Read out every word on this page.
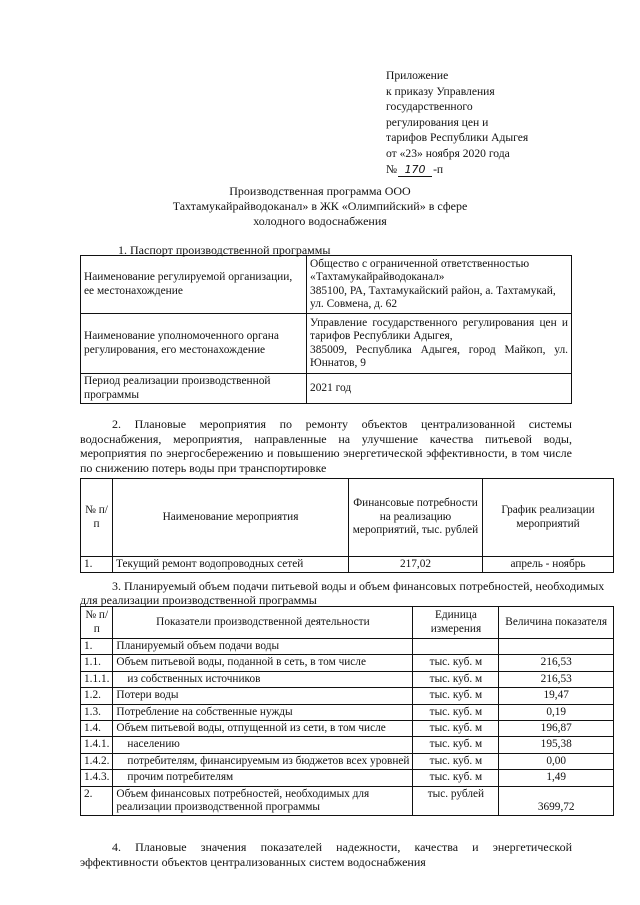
Приложение
к приказу Управления
государственного
регулирования цен и
тарифов Республики Адыгея
от «23» ноября 2020 года
№ 170 -п
Производственная программа ООО
Тахтамукайрайводоканал» в ЖК «Олимпийский» в сфере
холодного водоснабжения
1. Паспорт производственной программы
Наименование регулируемой организации, ее местонахождение	Общество с ограниченной ответственностью «Тахтамукайрайводоканал»
385100, РА, Тахтамукайский район, а. Тахтамукай, ул. Совмена, д. 62

Наименование уполномоченного органа регулирования, его местонахождение	Управление государственного регулирования цен и тарифов Республики Адыгея,
385009, Республика Адыгея, город Майкоп, ул. Юннатов, 9

Период реализации производственной программы	2021 год
2. Плановые мероприятия по ремонту объектов централизованной системы водоснабжения, мероприятия, направленные на улучшение качества питьевой воды, мероприятия по энергосбережению и повышению энергетической эффективности, в том числе по снижению потерь воды при транспортировке
№ п/п	Наименование мероприятия	Финансовые потребности на реализацию мероприятий, тыс. рублей	График реализации мероприятий
1.	Текущий ремонт водопроводных сетей	217,02	апрель - ноябрь
3. Планируемый объем подачи питьевой воды и объем финансовых потребностей, необходимых для реализации производственной программы
№ п/п	Показатели производственной деятельности	Единица измерения	Величина показателя
1.	Планируемый объем подачи воды		
1.1.	Объем питьевой воды, поданной в сеть, в том числе	тыс. куб. м	216,53
1.1.1.	из собственных источников	тыс. куб. м	216,53
1.2.	Потери воды	тыс. куб. м	19,47
1.3.	Потребление на собственные нужды	тыс. куб. м	0,19
1.4.	Объем питьевой воды, отпущенной из сети, в том числе	тыс. куб. м	196,87
1.4.1.	населению	тыс. куб. м	195,38
1.4.2.	потребителям, финансируемым из бюджетов всех уровней	тыс. куб. м	0,00
1.4.3.	прочим потребителям	тыс. куб. м	1,49
2.	Объем финансовых потребностей, необходимых для реализации производственной программы	тыс. рублей	3699,72
4. Плановые значения показателей надежности, качества и энергетической эффективности объектов централизованных систем водоснабжения
